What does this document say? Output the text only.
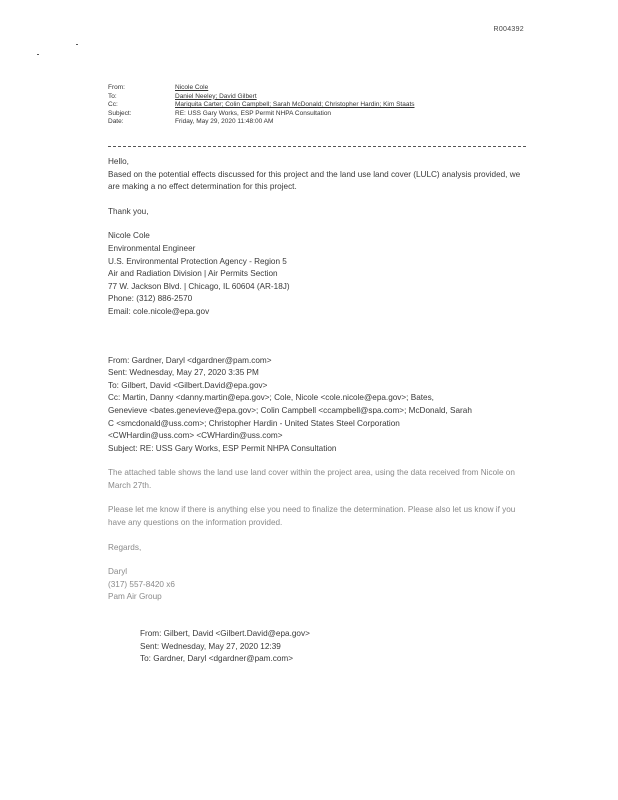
R004392
From:	Nicole Cole
To:	Daniel Neeley; David Gilbert
Cc:	Mariquita Carter; Colin Campbell; Sarah McDonald; Christopher Hardin; Kim Staats
Subject:	RE: USS Gary Works, ESP Permit NHPA Consultation
Date:	Friday, May 29, 2020 11:48:00 AM

Hello,

Based on the potential effects discussed for this project and the land use land cover (LULC) analysis provided, we are making a no effect determination for this project.

Thank you,

Nicole Cole

Environmental Engineer

U.S. Environmental Protection Agency - Region 5

Air and Radiation Division | Air Permits Section

77 W. Jackson Blvd. | Chicago, IL 60604 (AR-18J)

Phone: (312) 886-2570

Email: cole.nicole@epa.gov

From: Gardner, Daryl <dgardner@pam.com>

Sent: Wednesday, May 27, 2020 3:35 PM

To: Gilbert, David <Gilbert.David@epa.gov>

Cc: Martin, Danny <danny.martin@epa.gov>; Cole, Nicole <cole.nicole@epa.gov>; Bates,

Genevieve <bates.genevieve@epa.gov>; Colin Campbell <ccampbell@spa.com>; McDonald, Sarah

C <smcdonald@uss.com>; Christopher Hardin - United States Steel Corporation

<CWHardin@uss.com> <CWHardin@uss.com>

Subject: RE: USS Gary Works, ESP Permit NHPA Consultation

The attached table shows the land use land cover within the project area, using the data received from Nicole on March 27th.

Please let me know if there is anything else you need to finalize the determination. Please also let us know if you have any questions on the information provided.

Regards,

Daryl

(317) 557-8420 x6

Pam Air Group

From: Gilbert, David <Gilbert.David@epa.gov>

Sent: Wednesday, May 27, 2020 12:39

To: Gardner, Daryl <dgardner@pam.com>
